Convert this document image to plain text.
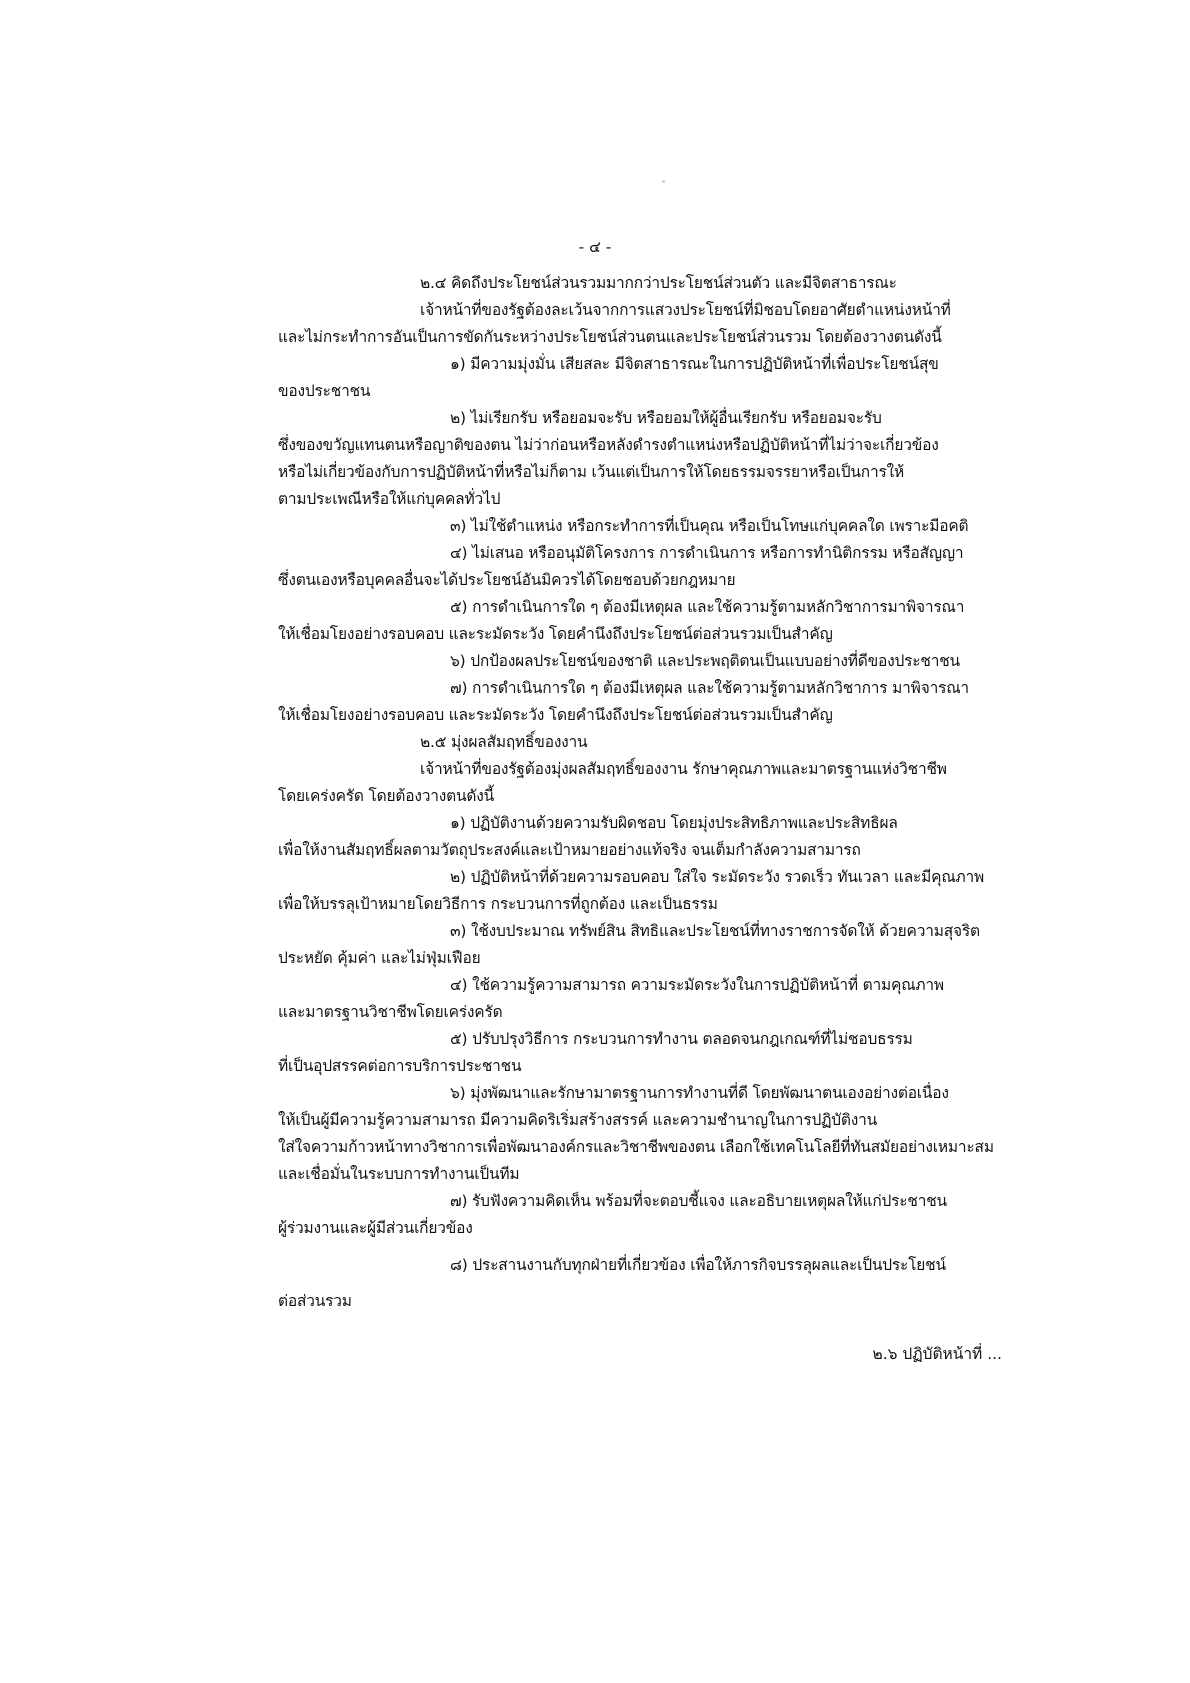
- ๔ -
๒.๔ คิดถึงประโยชน์ส่วนรวมมากกว่าประโยชน์ส่วนตัว และมีจิตสาธารณะ
เจ้าหน้าที่ของรัฐต้องละเว้นจากการแสวงประโยชน์ที่มิชอบโดยอาศัยตำแหน่งหน้าที่
และไม่กระทำการอันเป็นการขัดกันระหว่างประโยชน์ส่วนตนและประโยชน์ส่วนรวม โดยต้องวางตนดังนี้
๑) มีความมุ่งมั่น เสียสละ มีจิตสาธารณะในการปฏิบัติหน้าที่เพื่อประโยชน์สุข
ของประชาชน
๒) ไม่เรียกรับ หรือยอมจะรับ หรือยอมให้ผู้อื่นเรียกรับ หรือยอมจะรับ
ซึ่งของขวัญแทนตนหรือญาติของตน ไม่ว่าก่อนหรือหลังดำรงตำแหน่งหรือปฏิบัติหน้าที่ไม่ว่าจะเกี่ยวข้อง
หรือไม่เกี่ยวข้องกับการปฏิบัติหน้าที่หรือไม่ก็ตาม เว้นแต่เป็นการให้โดยธรรมจรรยาหรือเป็นการให้
ตามประเพณีหรือให้แก่บุคคลทั่วไป
๓) ไม่ใช้ตำแหน่ง หรือกระทำการที่เป็นคุณ หรือเป็นโทษแก่บุคคลใด เพราะมีอคติ
๔) ไม่เสนอ หรืออนุมัติโครงการ การดำเนินการ หรือการทำนิติกรรม หรือสัญญา
ซึ่งตนเองหรือบุคคลอื่นจะได้ประโยชน์อันมิควรได้โดยชอบด้วยกฎหมาย
๕) การดำเนินการใด ๆ ต้องมีเหตุผล และใช้ความรู้ตามหลักวิชาการมาพิจารณา
ให้เชื่อมโยงอย่างรอบคอบ และระมัดระวัง โดยคำนึงถึงประโยชน์ต่อส่วนรวมเป็นสำคัญ
๖) ปกป้องผลประโยชน์ของชาติ และประพฤติตนเป็นแบบอย่างที่ดีของประชาชน
๗) การดำเนินการใด ๆ ต้องมีเหตุผล และใช้ความรู้ตามหลักวิชาการ มาพิจารณา
ให้เชื่อมโยงอย่างรอบคอบ และระมัดระวัง โดยคำนึงถึงประโยชน์ต่อส่วนรวมเป็นสำคัญ
๒.๕ มุ่งผลสัมฤทธิ์ของงาน
เจ้าหน้าที่ของรัฐต้องมุ่งผลสัมฤทธิ์ของงาน รักษาคุณภาพและมาตรฐานแห่งวิชาชีพ
โดยเคร่งครัด โดยต้องวางตนดังนี้
๑) ปฏิบัติงานด้วยความรับผิดชอบ โดยมุ่งประสิทธิภาพและประสิทธิผล
เพื่อให้งานสัมฤทธิ์ผลตามวัตถุประสงค์และเป้าหมายอย่างแท้จริง จนเต็มกำลังความสามารถ
๒) ปฏิบัติหน้าที่ด้วยความรอบคอบ ใส่ใจ ระมัดระวัง รวดเร็ว ทันเวลา และมีคุณภาพ
เพื่อให้บรรลุเป้าหมายโดยวิธีการ กระบวนการที่ถูกต้อง และเป็นธรรม
๓) ใช้งบประมาณ ทรัพย์สิน สิทธิและประโยชน์ที่ทางราชการจัดให้ ด้วยความสุจริต
ประหยัด คุ้มค่า และไม่ฟุ่มเฟือย
๔) ใช้ความรู้ความสามารถ ความระมัดระวังในการปฏิบัติหน้าที่ ตามคุณภาพ
และมาตรฐานวิชาชีพโดยเคร่งครัด
๕) ปรับปรุงวิธีการ กระบวนการทำงาน ตลอดจนกฎเกณฑ์ที่ไม่ชอบธรรม
ที่เป็นอุปสรรคต่อการบริการประชาชน
๖) มุ่งพัฒนาและรักษามาตรฐานการทำงานที่ดี โดยพัฒนาตนเองอย่างต่อเนื่อง
ให้เป็นผู้มีความรู้ความสามารถ มีความคิดริเริ่มสร้างสรรค์ และความชำนาญในการปฏิบัติงาน
ใส่ใจความก้าวหน้าทางวิชาการเพื่อพัฒนาองค์กรและวิชาชีพของตน เลือกใช้เทคโนโลยีที่ทันสมัยอย่างเหมาะสม
และเชื่อมั่นในระบบการทำงานเป็นทีม
๗) รับฟังความคิดเห็น พร้อมที่จะตอบชี้แจง และอธิบายเหตุผลให้แก่ประชาชน
ผู้ร่วมงานและผู้มีส่วนเกี่ยวข้อง
๘) ประสานงานกับทุกฝ่ายที่เกี่ยวข้อง เพื่อให้ภารกิจบรรลุผลและเป็นประโยชน์
ต่อส่วนรวม
๒.๖ ปฏิบัติหน้าที่ ...
